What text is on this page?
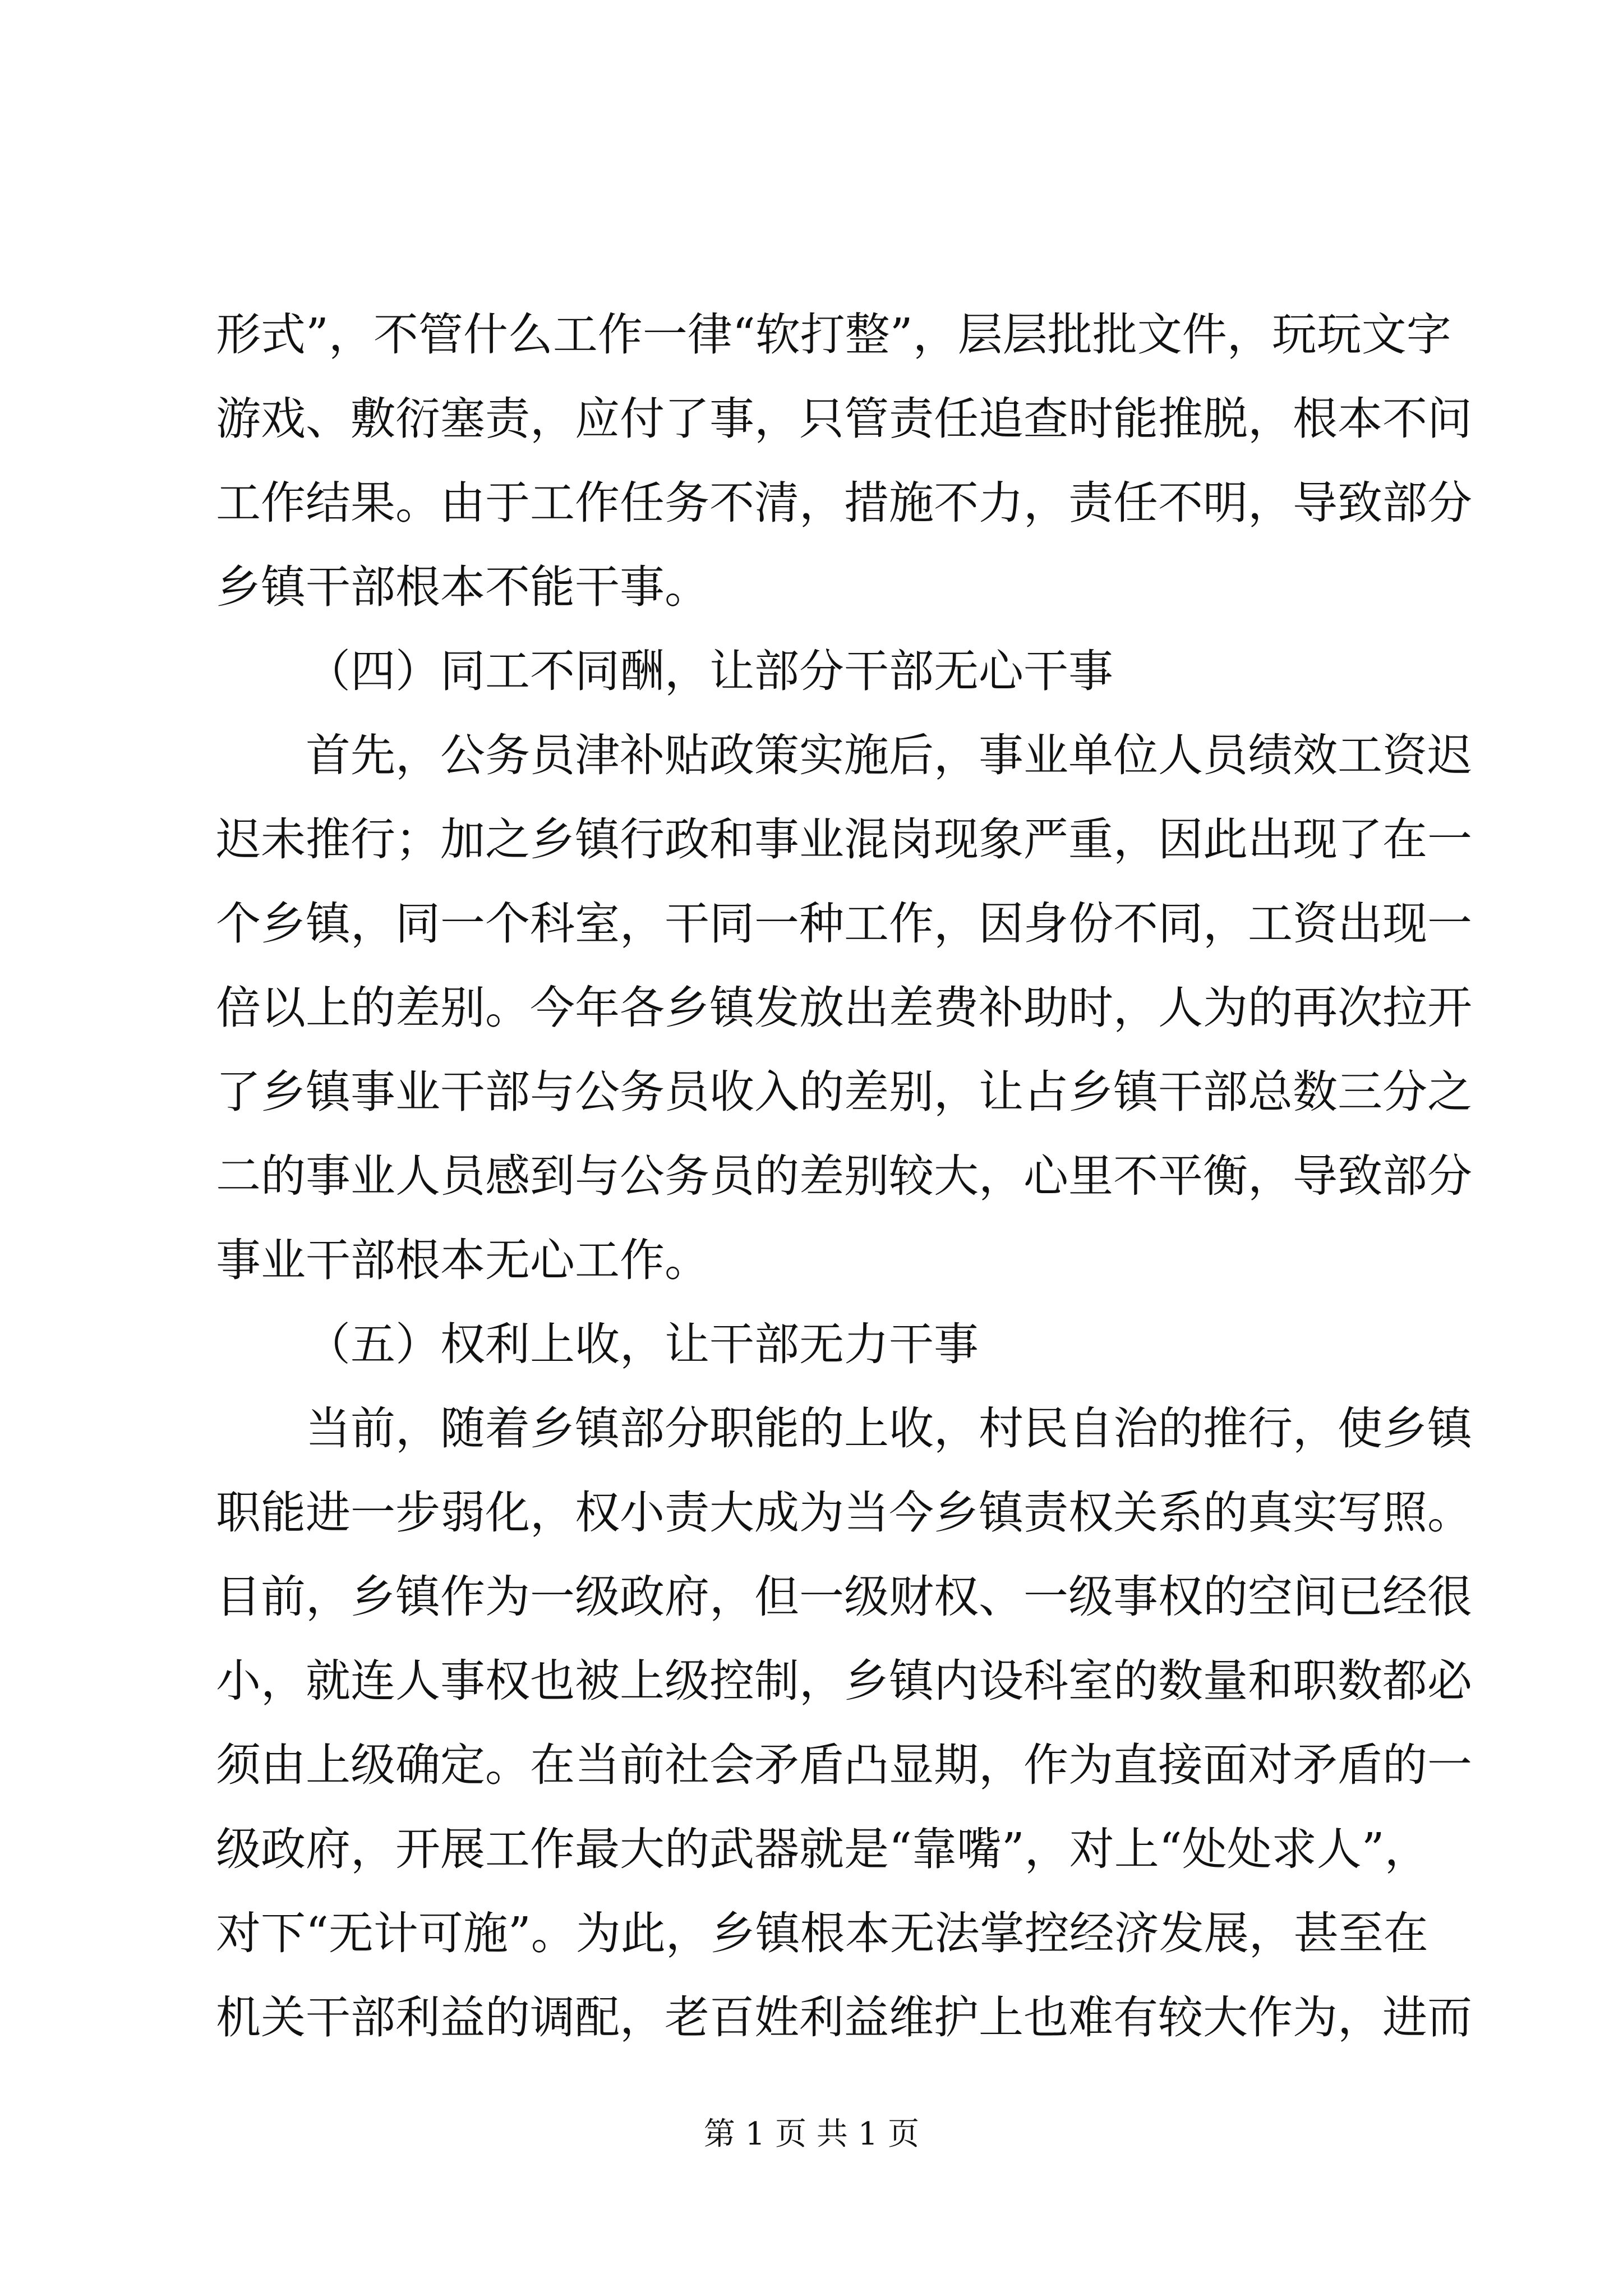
形式”，不管什么工作一律“软打整”，层层批批文件，玩玩文字
游戏、敷衍塞责，应付了事，只管责任追查时能推脱，根本不问
工作结果。由于工作任务不清，措施不力，责任不明，导致部分
乡镇干部根本不能干事。
（四）同工不同酬，让部分干部无心干事
首先，公务员津补贴政策实施后，事业单位人员绩效工资迟
迟未推行；加之乡镇行政和事业混岗现象严重，因此出现了在一
个乡镇，同一个科室，干同一种工作，因身份不同，工资出现一
倍以上的差别。今年各乡镇发放出差费补助时，人为的再次拉开
了乡镇事业干部与公务员收入的差别，让占乡镇干部总数三分之
二的事业人员感到与公务员的差别较大，心里不平衡，导致部分
事业干部根本无心工作。
（五）权利上收，让干部无力干事
当前，随着乡镇部分职能的上收，村民自治的推行，使乡镇
职能进一步弱化，权小责大成为当今乡镇责权关系的真实写照。
目前，乡镇作为一级政府，但一级财权、一级事权的空间已经很
小，就连人事权也被上级控制，乡镇内设科室的数量和职数都必
须由上级确定。在当前社会矛盾凸显期，作为直接面对矛盾的一
级政府，开展工作最大的武器就是“靠嘴”，对上“处处求人”，
对下“无计可施”。为此，乡镇根本无法掌控经济发展，甚至在
机关干部利益的调配，老百姓利益维护上也难有较大作为，进而
第 1 页 共 1 页
